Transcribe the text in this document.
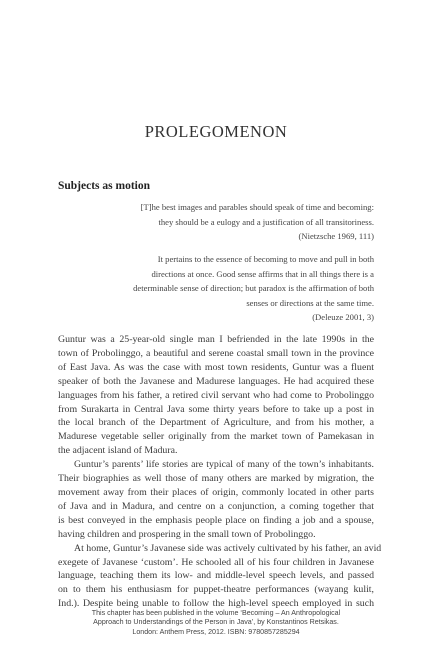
PROLEGOMENON
Subjects as motion
[T]he best images and parables should speak of time and becoming:
they should be a eulogy and a justification of all transitoriness.
(Nietzsche 1969, 111)
It pertains to the essence of becoming to move and pull in both
directions at once. Good sense affirms that in all things there is a
determinable sense of direction; but paradox is the affirmation of both
senses or directions at the same time.
(Deleuze 2001, 3)

Guntur was a 25-year-old single man I befriended in the late 1990s in the
town of Probolinggo, a beautiful and serene coastal small town in the province
of East Java. As was the case with most town residents, Guntur was a fluent
speaker of both the Javanese and Madurese languages. He had acquired these
languages from his father, a retired civil servant who had come to Probolinggo
from Surakarta in Central Java some thirty years before to take up a post in
the local branch of the Department of Agriculture, and from his mother, a
Madurese vegetable seller originally from the market town of Pamekasan in
the adjacent island of Madura.

Guntur’s parents’ life stories are typical of many of the town’s inhabitants.
Their biographies as well those of many others are marked by migration, the
movement away from their places of origin, commonly located in other parts
of Java and in Madura, and centre on a conjunction, a coming together that
is best conveyed in the emphasis people place on finding a job and a spouse,
having children and prospering in the small town of Probolinggo.

At home, Guntur’s Javanese side was actively cultivated by his father, an avid
exegete of Javanese ‘custom’. He schooled all of his four children in Javanese
language, teaching them its low- and middle-level speech levels, and passed
on to them his enthusiasm for puppet-theatre performances (wayang kulit,
Ind.). Despite being unable to follow the high-level speech employed in such

This chapter has been published in the volume ‘Becoming – An Anthropological
Approach to Understandings of the Person in Java’, by Konstantinos Retsikas.
London: Anthem Press, 2012. ISBN: 9780857285294
